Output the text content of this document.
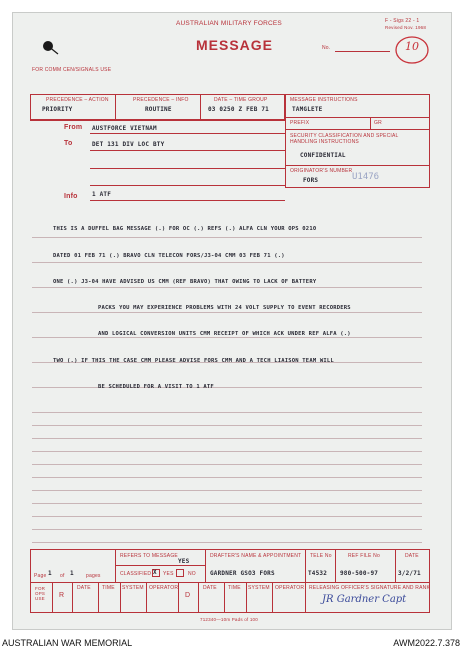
AUSTRALIAN MILITARY FORCES	F - Sigs 22 - 1
Revised Nov. 1968
MESSAGE	No.	10
FOR COMM CEN/SIGNALS USE
PRECEDENCE – ACTION
PRIORITY
PRECEDENCE – INFO
ROUTINE
DATE – TIME GROUP
03 0250 Z FEB 71
MESSAGE INSTRUCTIONS
TAMGLETE
PREFIX	GR
SECURITY CLASSIFICATION AND SPECIAL HANDLING INSTRUCTIONS
CONFIDENTIAL
ORIGINATOR'S NUMBER
FORS	U1476
From AUSTFORCE VIETNAM
To	DET 131 DIV LOC BTY
Info 1 ATF
THIS IS A DUFFEL BAG MESSAGE (.) FOR OC (.) REFS (.) ALFA CLN YOUR OPS 0210
DATED 01 FEB 71 (.) BRAVO CLN TELECON FORS/J3-04 CMM 03 FEB 71 (.)
ONE (.) J3-04 HAVE ADVISED US CMM (REF BRAVO) THAT OWING TO LACK OF BATTERY
PACKS YOU MAY EXPERIENCE PROBLEMS WITH 24 VOLT SUPPLY TO EVENT RECORDERS
AND LOGICAL CONVERSION UNITS CMM RECEIPT OF WHICH ACK UNDER REF ALFA (.)
TWO (.) IF THIS THE CASE CMM PLEASE ADVISE FORS CMM AND A TECH LIAISON TEAM WILL
BE SCHEDULED FOR A VISIT TO 1 ATF
Page 1 of 1 pages
REFERS TO MESSAGE
YES
CLASSIFIED X YES	NO
DRAFTER'S NAME & APPOINTMENT
GARDNER GSO3 FORS
TELE No
T4532
REF FILE No
980-500-97
DATE
3/2/71
FOR OPS USE	R
DATE TIME SYSTEM OPERATOR
D
DATE TIME SYSTEM OPERATOR RELEASING OFFICER'S SIGNATURE AND RANK
JR Gardner Capt
712340—10m Pads of 100
AUSTRALIAN WAR MEMORIAL	AWM2022.7.378
